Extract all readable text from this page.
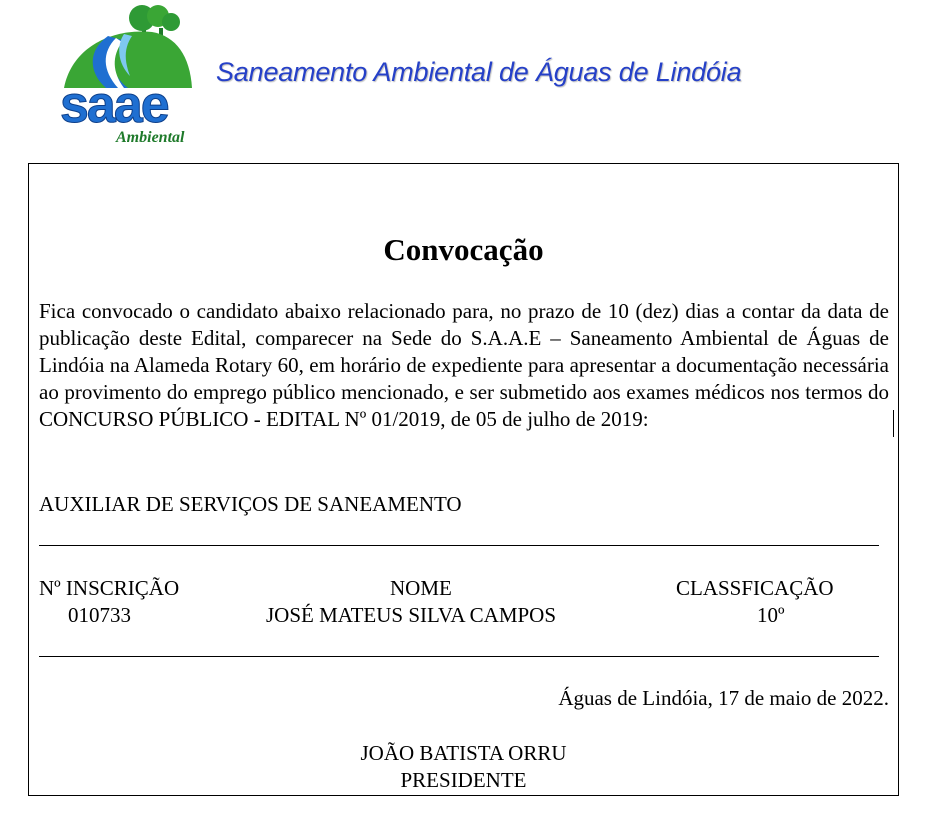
saae
Ambiental
Saneamento Ambiental de Águas de Lindóia
Convocação
Fica convocado o candidato abaixo relacionado para, no prazo de 10 (dez) dias a contar da data de publicação deste Edital, comparecer na Sede do S.A.A.E – Saneamento Ambiental de Águas de Lindóia na Alameda Rotary 60, em horário de expediente para apresentar a documentação necessária ao provimento do emprego público mencionado, e ser submetido aos exames médicos nos termos do CONCURSO PÚBLICO - EDITAL Nº 01/2019, de 05 de julho de 2019:
AUXILIAR DE SERVIÇOS DE SANEAMENTO
Nº INSCRIÇÃO	NOME	CLASSFICAÇÃO
010733	JOSÉ MATEUS SILVA CAMPOS	10º
Águas de Lindóia, 17 de maio de 2022.
JOÃO BATISTA ORRU
PRESIDENTE
